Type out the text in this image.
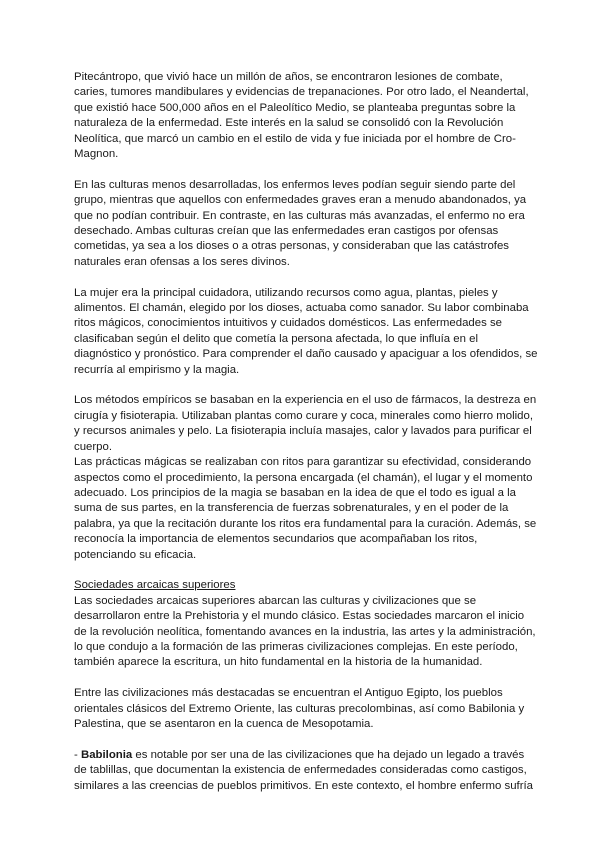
Pitecántropo, que vivió hace un millón de años, se encontraron lesiones de combate, caries, tumores mandibulares y evidencias de trepanaciones. Por otro lado, el Neandertal, que existió hace 500,000 años en el Paleolítico Medio, se planteaba preguntas sobre la naturaleza de la enfermedad. Este interés en la salud se consolidó con la Revolución Neolítica, que marcó un cambio en el estilo de vida y fue iniciada por el hombre de Cro-Magnon.

En las culturas menos desarrolladas, los enfermos leves podían seguir siendo parte del grupo, mientras que aquellos con enfermedades graves eran a menudo abandonados, ya que no podían contribuir. En contraste, en las culturas más avanzadas, el enfermo no era desechado. Ambas culturas creían que las enfermedades eran castigos por ofensas cometidas, ya sea a los dioses o a otras personas, y consideraban que las catástrofes naturales eran ofensas a los seres divinos.

La mujer era la principal cuidadora, utilizando recursos como agua, plantas, pieles y alimentos. El chamán, elegido por los dioses, actuaba como sanador. Su labor combinaba ritos mágicos, conocimientos intuitivos y cuidados domésticos. Las enfermedades se clasificaban según el delito que cometía la persona afectada, lo que influía en el diagnóstico y pronóstico. Para comprender el daño causado y apaciguar a los ofendidos, se recurría al empirismo y la magia.

Los métodos empíricos se basaban en la experiencia en el uso de fármacos, la destreza en cirugía y fisioterapia. Utilizaban plantas como curare y coca, minerales como hierro molido, y recursos animales y pelo. La fisioterapia incluía masajes, calor y lavados para purificar el cuerpo.

Las prácticas mágicas se realizaban con ritos para garantizar su efectividad, considerando aspectos como el procedimiento, la persona encargada (el chamán), el lugar y el momento adecuado. Los principios de la magia se basaban en la idea de que el todo es igual a la suma de sus partes, en la transferencia de fuerzas sobrenaturales, y en el poder de la palabra, ya que la recitación durante los ritos era fundamental para la curación. Además, se reconocía la importancia de elementos secundarios que acompañaban los ritos, potenciando su eficacia.

Sociedades arcaicas superiores
Las sociedades arcaicas superiores abarcan las culturas y civilizaciones que se desarrollaron entre la Prehistoria y el mundo clásico. Estas sociedades marcaron el inicio de la revolución neolítica, fomentando avances en la industria, las artes y la administración, lo que condujo a la formación de las primeras civilizaciones complejas. En este período, también aparece la escritura, un hito fundamental en la historia de la humanidad.

Entre las civilizaciones más destacadas se encuentran el Antiguo Egipto, los pueblos orientales clásicos del Extremo Oriente, las culturas precolombinas, así como Babilonia y Palestina, que se asentaron en la cuenca de Mesopotamia.

- Babilonia es notable por ser una de las civilizaciones que ha dejado un legado a través de tablillas, que documentan la existencia de enfermedades consideradas como castigos, similares a las creencias de pueblos primitivos. En este contexto, el hombre enfermo sufría
